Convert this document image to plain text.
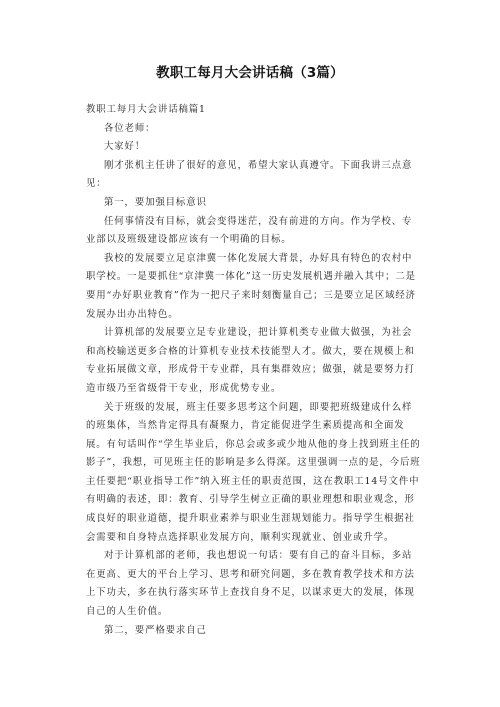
教职工每月大会讲话稿（3篇）

教职工每月大会讲话稿篇1

各位老师：

大家好！

刚才张机主任讲了很好的意见，希望大家认真遵守。下面我讲三点意见：

第一，要加强目标意识

任何事情没有目标，就会变得迷茫，没有前进的方向。作为学校、专业部以及班级建设都应该有一个明确的目标。

我校的发展要立足京津冀一体化发展大背景，办好具有特色的农村中职学校。一是要抓住“京津冀一体化”这一历史发展机遇并融入其中；二是要用“办好职业教育”作为一把尺子来时刻衡量自己；三是要立足区域经济发展办出办出特色。

计算机部的发展要立足专业建设，把计算机类专业做大做强，为社会和高校输送更多合格的计算机专业技术技能型人才。做大，要在规模上和专业拓展做文章，形成骨干专业群，具有集群效应；做强，就是要努力打造市级乃至省级骨干专业，形成优势专业。

关于班级的发展，班主任要多思考这个问题，即要把班级建成什么样的班集体，当然肯定得具有凝聚力，肯定能促进学生素质提高和全面发展。有句话叫作“学生毕业后，你总会或多或少地从他的身上找到班主任的影子”，我想，可见班主任的影响是多么得深。这里强调一点的是，今后班主任要把“职业指导工作”纳入班主任的职责范围，这在教职工14号文件中有明确的表述，即：教育、引导学生树立正确的职业理想和职业观念，形成良好的职业道德，提升职业素养与职业生涯规划能力。指导学生根据社会需要和自身特点选择职业发展方向，顺利实现就业、创业或升学。

对于计算机部的老师，我也想说一句话：要有自己的奋斗目标，多站在更高、更大的平台上学习、思考和研究问题，多在教育教学技术和方法上下功夫，多在执行落实环节上查找自身不足，以谋求更大的发展，体现自己的人生价值。

第二，要严格要求自己
